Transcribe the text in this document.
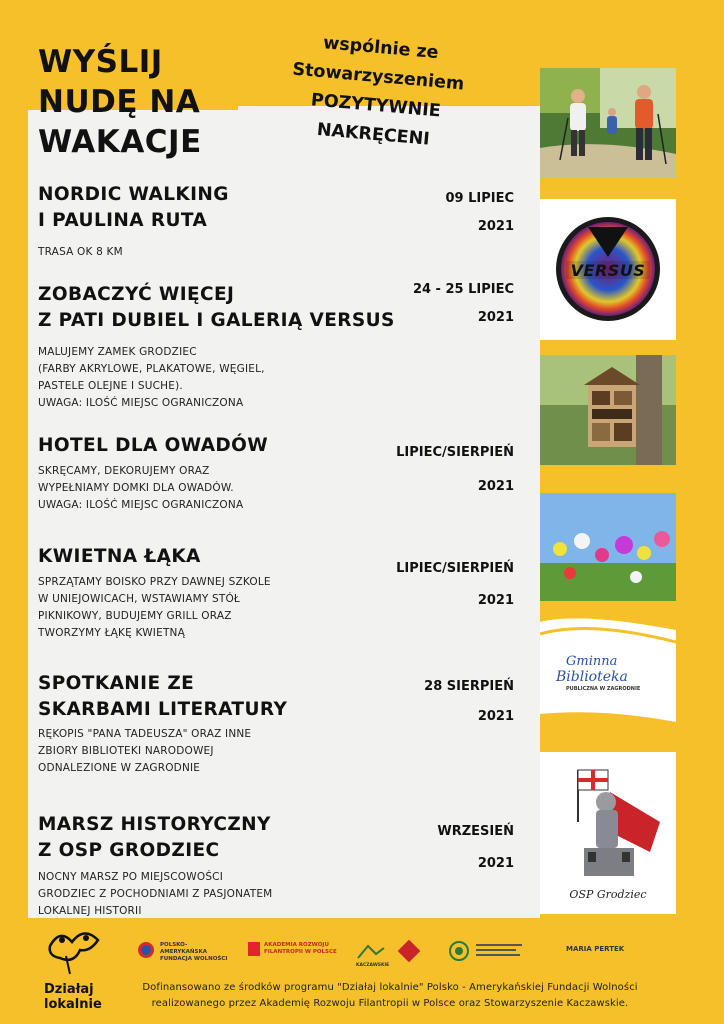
WYŚLIJ
NUDĘ NA
WAKACJE
wspólnie ze
Stowarzyszeniem
POZYTYWNIE
NAKRĘCENI
NORDIC WALKING
I PAULINA RUTA
09 LIPIEC
2021
TRASA OK 8 KM
ZOBACZYĆ WIĘCEJ
Z PATI DUBIEL I GALERIĄ VERSUS
24 - 25 LIPIEC
2021
MALUJEMY ZAMEK GRODZIEC
(FARBY AKRYLOWE, PLAKATOWE, WĘGIEL,
PASTELE OLEJNE I SUCHE).
UWAGA: ILOŚĆ MIEJSC OGRANICZONA
HOTEL DLA OWADÓW	LIPIEC/SIERPIEŃ
2021
SKRĘCAMY, DEKORUJEMY ORAZ
WYPEŁNIAMY DOMKI DLA OWADÓW.
UWAGA: ILOŚĆ MIEJSC OGRANICZONA
KWIETNA ŁĄKA
LIPIEC/SIERPIEŃ
2021
SPRZĄTAMY BOISKO PRZY DAWNEJ SZKOLE
W UNIEJOWICACH, WSTAWIAMY STÓŁ
PIKNIKOWY, BUDUJEMY GRILL ORAZ
TWORZYMY ŁĄKĘ KWIETNĄ
SPOTKANIE ZE
SKARBAMI LITERATURY
28 SIERPIEŃ
2021
RĘKOPIS "PANA TADEUSZA" ORAZ INNE
ZBIORY BIBLIOTEKI NARODOWEJ
ODNALEZIONE W ZAGRODNIE
MARSZ HISTORYCZNY
Z OSP GRODZIEC
WRZESIEŃ
2021
NOCNY MARSZ PO MIEJSCOWOŚCI
GRODZIEC Z POCHODNIAMI Z PASJONATEM
LOKALNEJ HISTORII
VERSUS
Gminna
Biblioteka
PUBLICZNA W ZAGRODNIE
OSP Grodziec
Działaj
lokalnie
POLSKO-AMERYKAŃSKA FUNDACJA WOLNOŚCI
AKADEMIA ROZWOJU FILANTROPII W POLSCE
KACZAWSKIE
MARIA PERTEK
Dofinansowano ze środków programu "Działaj lokalnie" Polsko - Amerykańskiej Fundacji Wolności
realizowanego przez Akademię Rozwoju Filantropii w Polsce oraz Stowarzyszenie Kaczawskie.
